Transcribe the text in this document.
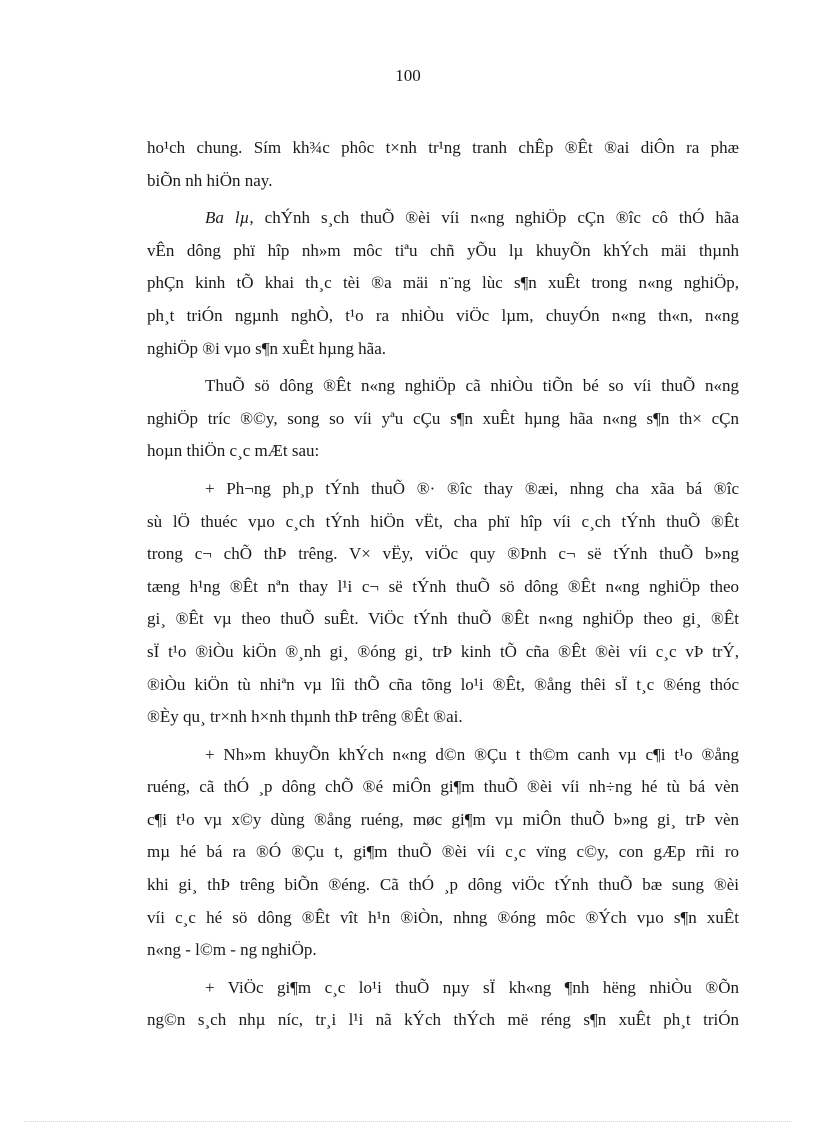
100
ho¹ch chung. Sím kh¾c phôc t×nh tr¹ng tranh chÊp ®Êt ®ai diÔn ra phæ
biÕn nh hiÖn nay.
Ba lµ, chÝnh s¸ch thuÕ ®èi víi n«ng nghiÖp cÇn ®îc cô thÓ hãa
vÊn dông phï hîp nh»m môc tiªu chñ yÕu lµ khuyÕn khÝch mäi thµnh
phÇn kinh tÕ khai th¸c tèi ®a mäi n¨ng lùc s¶n xuÊt trong n«ng nghiÖp,
ph¸t triÓn ngµnh nghÒ, t¹o ra nhiÒu viÖc lµm, chuyÓn n«ng th«n, n«ng
nghiÖp ®i vµo s¶n xuÊt hµng hãa.
ThuÕ sö dông ®Êt n«ng nghiÖp cã nhiÒu tiÕn bé so víi thuÕ n«ng
nghiÖp tríc ®©y, song so víi yªu cÇu s¶n xuÊt hµng hãa n«ng s¶n th× cÇn
hoµn thiÖn c¸c mÆt sau:
+ Ph¬ng ph¸p tÝnh thuÕ ®· ®îc thay ®æi, nhng cha xãa bá ®îc
sù lÖ thuéc vµo c¸ch tÝnh hiÖn vËt, cha phï hîp víi c¸ch tÝnh thuÕ ®Êt
trong c¬ chÕ thÞ trêng. V× vËy, viÖc quy ®Þnh c¬ së tÝnh thuÕ b»ng
tæng h¹ng ®Êt nªn thay l¹i c¬ së tÝnh thuÕ sö dông ®Êt n«ng nghiÖp theo
gi¸ ®Êt vµ theo thuÕ suÊt. ViÖc tÝnh thuÕ ®Êt n«ng nghiÖp theo gi¸ ®Êt
sÏ t¹o ®iÒu kiÖn ®¸nh gi¸ ®óng gi¸ trÞ kinh tÕ cña ®Êt ®èi víi c¸c vÞ trÝ,
®iÒu kiÖn tù nhiªn vµ lîi thÕ cña tõng lo¹i ®Êt, ®ång thêi sÏ t¸c ®éng thóc
®Èy qu¸ tr×nh h×nh thµnh thÞ trêng ®Êt ®ai.
+ Nh»m khuyÕn khÝch n«ng d©n ®Çu t th©m canh vµ c¶i t¹o ®ång
ruéng, cã thÓ ¸p dông chÕ ®é miÔn gi¶m thuÕ ®èi víi nh÷ng hé tù bá vèn
c¶i t¹o vµ x©y dùng ®ång ruéng, møc gi¶m vµ miÔn thuÕ b»ng gi¸ trÞ vèn
mµ hé bá ra ®Ó ®Çu t, gi¶m thuÕ ®èi víi c¸c vïng c©y, con gÆp rñi ro
khi gi¸ thÞ trêng biÕn ®éng. Cã thÓ ¸p dông viÖc tÝnh thuÕ bæ sung ®èi
víi c¸c hé sö dông ®Êt vît h¹n ®iÒn, nhng ®óng môc ®Ých vµo s¶n xuÊt
n«ng - l©m - ng nghiÖp.
+ ViÖc gi¶m c¸c lo¹i thuÕ nµy sÏ kh«ng ¶nh hëng nhiÒu ®Õn
ng©n s¸ch nhµ níc, tr¸i l¹i nã kÝch thÝch më réng s¶n xuÊt ph¸t triÓn
